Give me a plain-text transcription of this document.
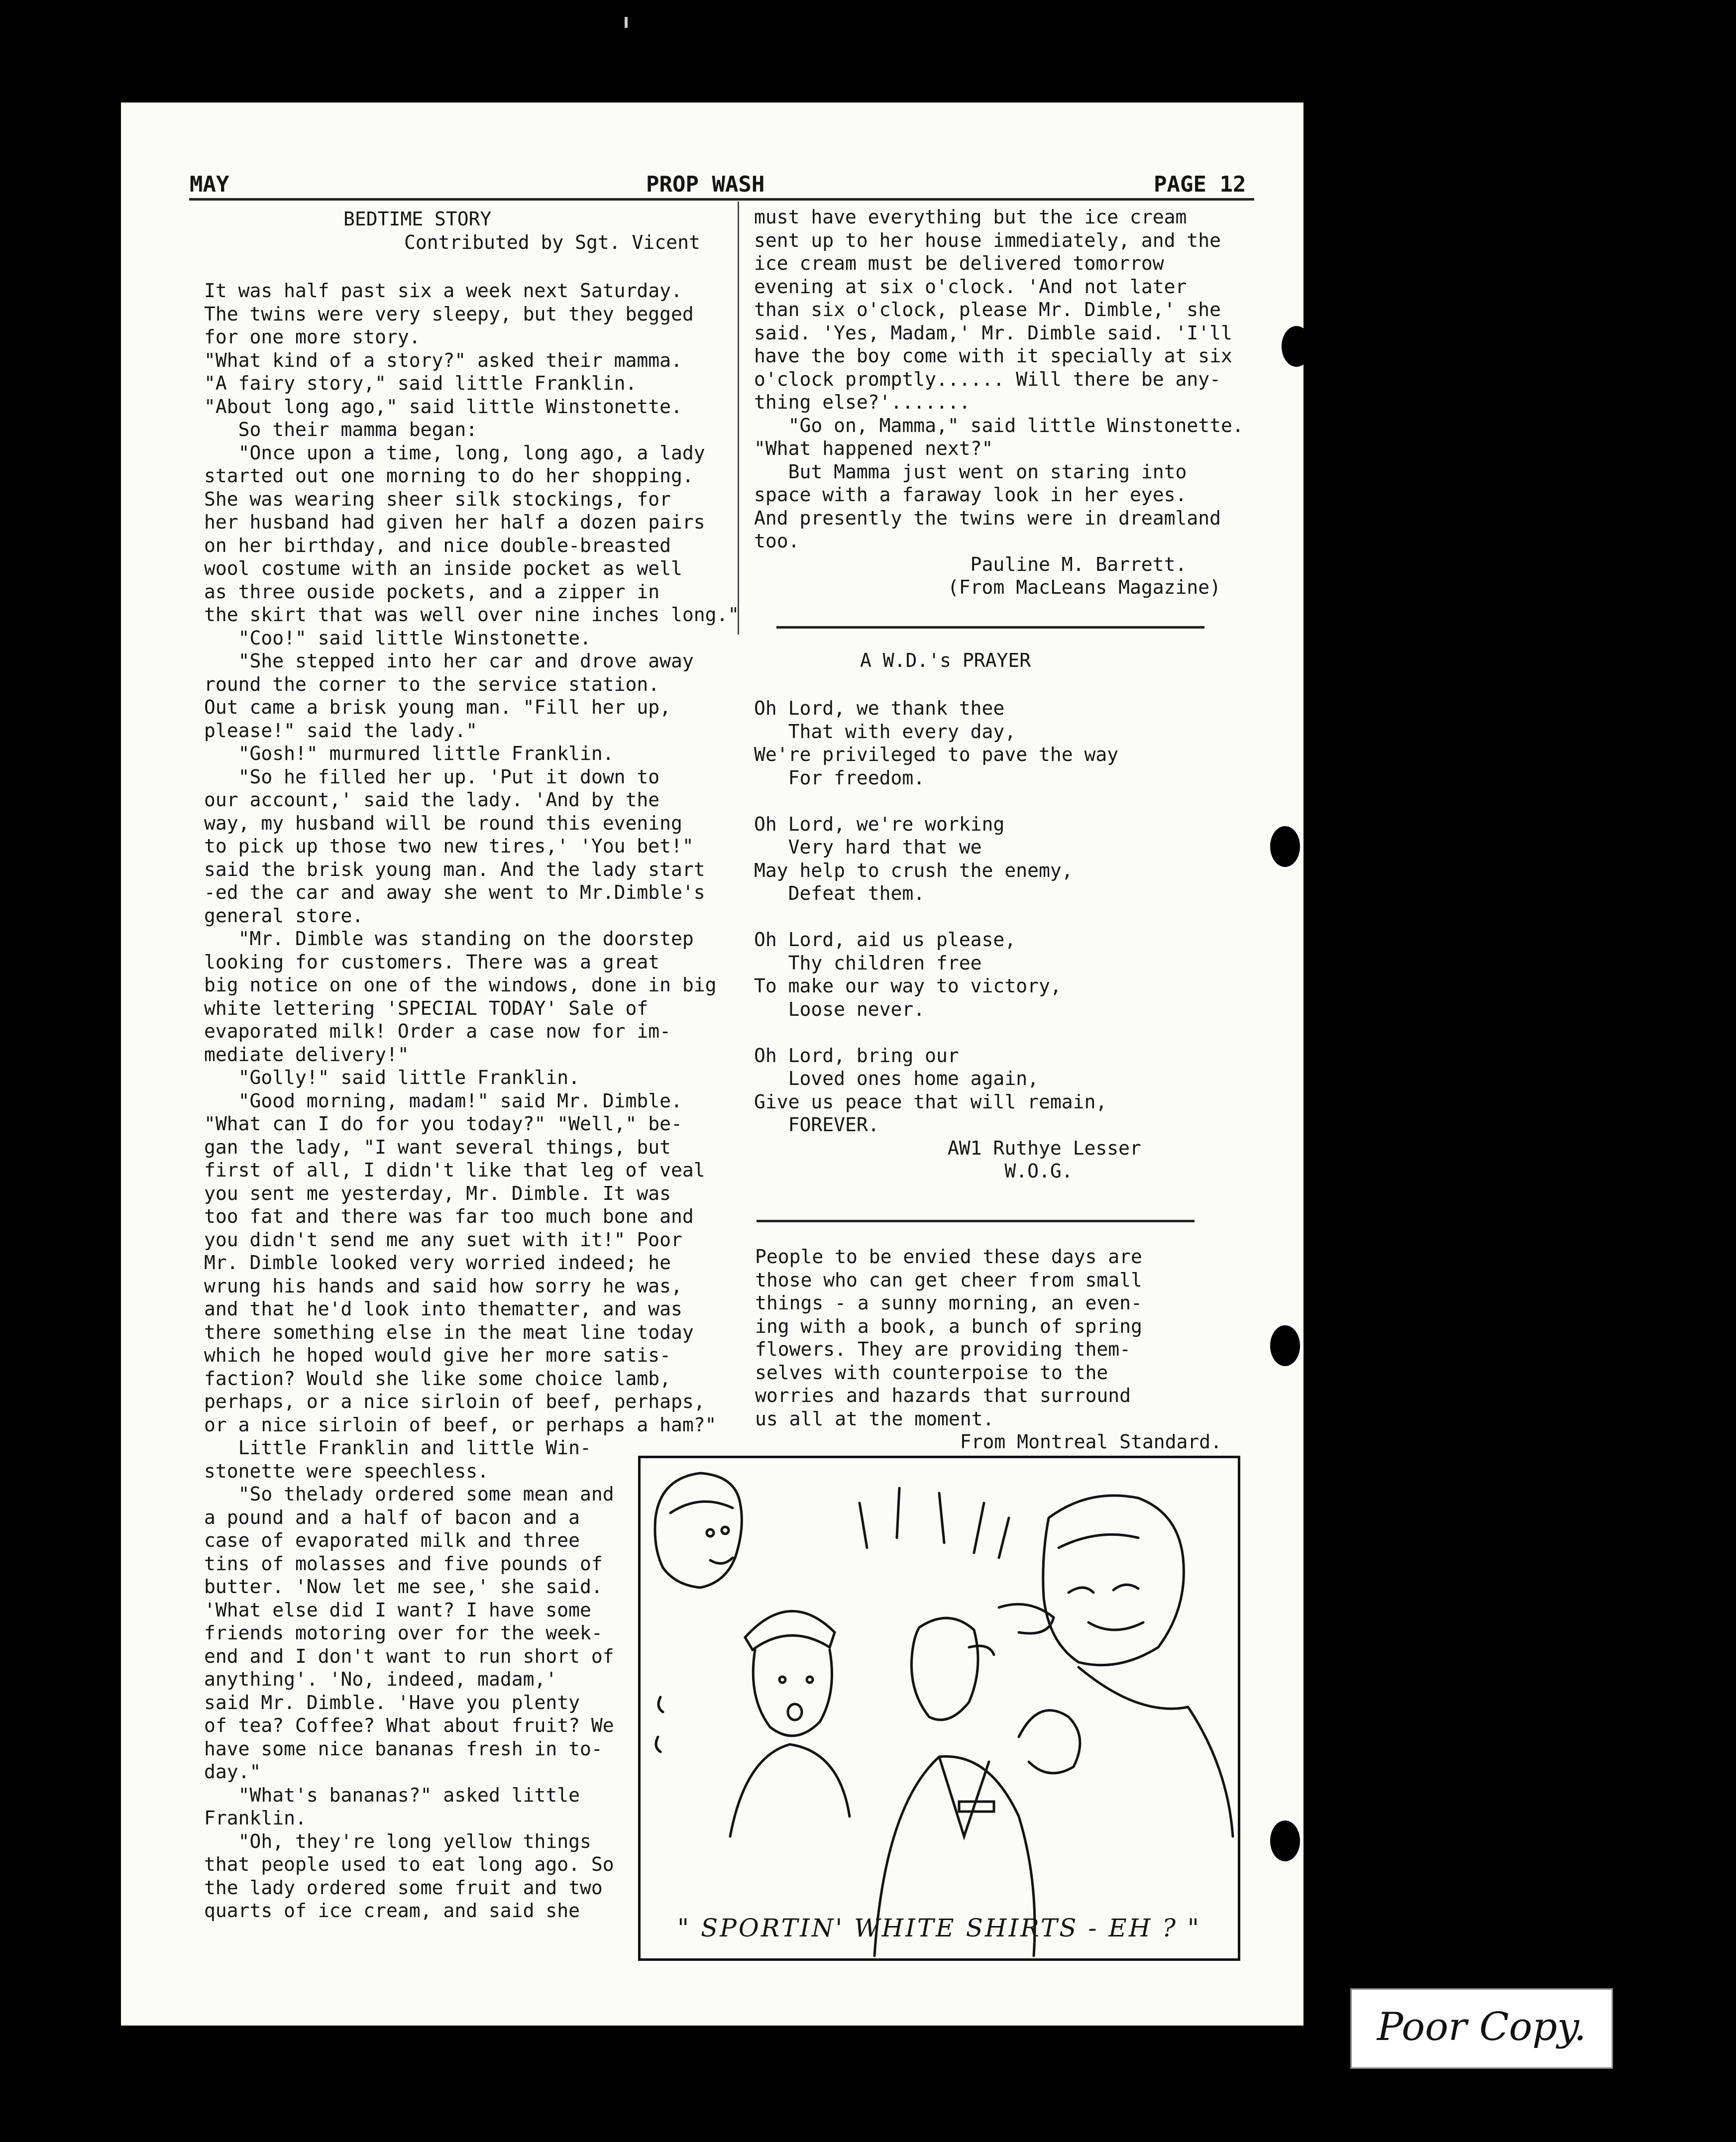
MAY	PROP WASH	PAGE 12
BEDTIME STORY
Contributed by Sgt. Vicent
It was half past six a week next Saturday.
The twins were very sleepy, but they begged
for one more story.
"What kind of a story?" asked their mamma.
"A fairy story," said little Franklin.
"About long ago," said little Winstonette.
So their mamma began:
"Once upon a time, long, long ago, a lady
started out one morning to do her shopping.
She was wearing sheer silk stockings, for
her husband had given her half a dozen pairs
on her birthday, and nice double-breasted
wool costume with an inside pocket as well
as three ouside pockets, and a zipper in
the skirt that was well over nine inches long."
"Coo!" said little Winstonette.
"She stepped into her car and drove away
round the corner to the service station.
Out came a brisk young man. "Fill her up,
please!" said the lady."
"Gosh!" murmured little Franklin.
"So he filled her up. 'Put it down to
our account,' said the lady. 'And by the
way, my husband will be round this evening
to pick up those two new tires,' 'You bet!"
said the brisk young man. And the lady start
-ed the car and away she went to Mr.Dimble's
general store.
"Mr. Dimble was standing on the doorstep
looking for customers. There was a great
big notice on one of the windows, done in big
white lettering 'SPECIAL TODAY' Sale of
evaporated milk! Order a case now for im-
mediate delivery!"
"Golly!" said little Franklin.
"Good morning, madam!" said Mr. Dimble.
"What can I do for you today?" "Well," be-
gan the lady, "I want several things, but
first of all, I didn't like that leg of veal
you sent me yesterday, Mr. Dimble. It was
too fat and there was far too much bone and
you didn't send me any suet with it!" Poor
Mr. Dimble looked very worried indeed; he
wrung his hands and said how sorry he was,
and that he'd look into thematter, and was
there something else in the meat line today
which he hoped would give her more satis-
faction? Would she like some choice lamb,
perhaps, or a nice sirloin of beef, perhaps,
or a nice sirloin of beef, or perhaps a ham?"
Little Franklin and little Win-
stonette were speechless.
"So thelady ordered some mean and
a pound and a half of bacon and a
case of evaporated milk and three
tins of molasses and five pounds of
butter. 'Now let me see,' she said.
'What else did I want? I have some
friends motoring over for the week-
end and I don't want to run short of
anything'. 'No, indeed, madam,'
said Mr. Dimble. 'Have you plenty
of tea? Coffee? What about fruit? We
have some nice bananas fresh in to-
day."
"What's bananas?" asked little
Franklin.
"Oh, they're long yellow things
that people used to eat long ago. So
the lady ordered some fruit and two
quarts of ice cream, and said she
must have everything but the ice cream
sent up to her house immediately, and the
ice cream must be delivered tomorrow
evening at six o'clock. 'And not later
than six o'clock, please Mr. Dimble,' she
said. 'Yes, Madam,' Mr. Dimble said. 'I'll
have the boy come with it specially at six
o'clock promptly...... Will there be any-
thing else?'.......
"Go on, Mamma," said little Winstonette.
"What happened next?"
But Mamma just went on staring into
space with a faraway look in her eyes.
And presently the twins were in dreamland
too.
Pauline M. Barrett.
(From MacLeans Magazine)
A W.D.'s PRAYER
Oh Lord, we thank thee
That with every day,
We're privileged to pave the way
For freedom.
Oh Lord, we're working
Very hard that we
May help to crush the enemy,
Defeat them.
Oh Lord, aid us please,
Thy children free
To make our way to victory,
Loose never.
Oh Lord, bring our
Loved ones home again,
Give us peace that will remain,
FOREVER.
AW1 Ruthye Lesser
W.O.G.
People to be envied these days are
those who can get cheer from small
things - a sunny morning, an even-
ing with a book, a bunch of spring
flowers. They are providing them-
selves with counterpoise to the
worries and hazards that surround
us all at the moment.
From Montreal Standard.
" SPORTIN' WHITE SHIRTS - EH ? "
Poor Copy.
